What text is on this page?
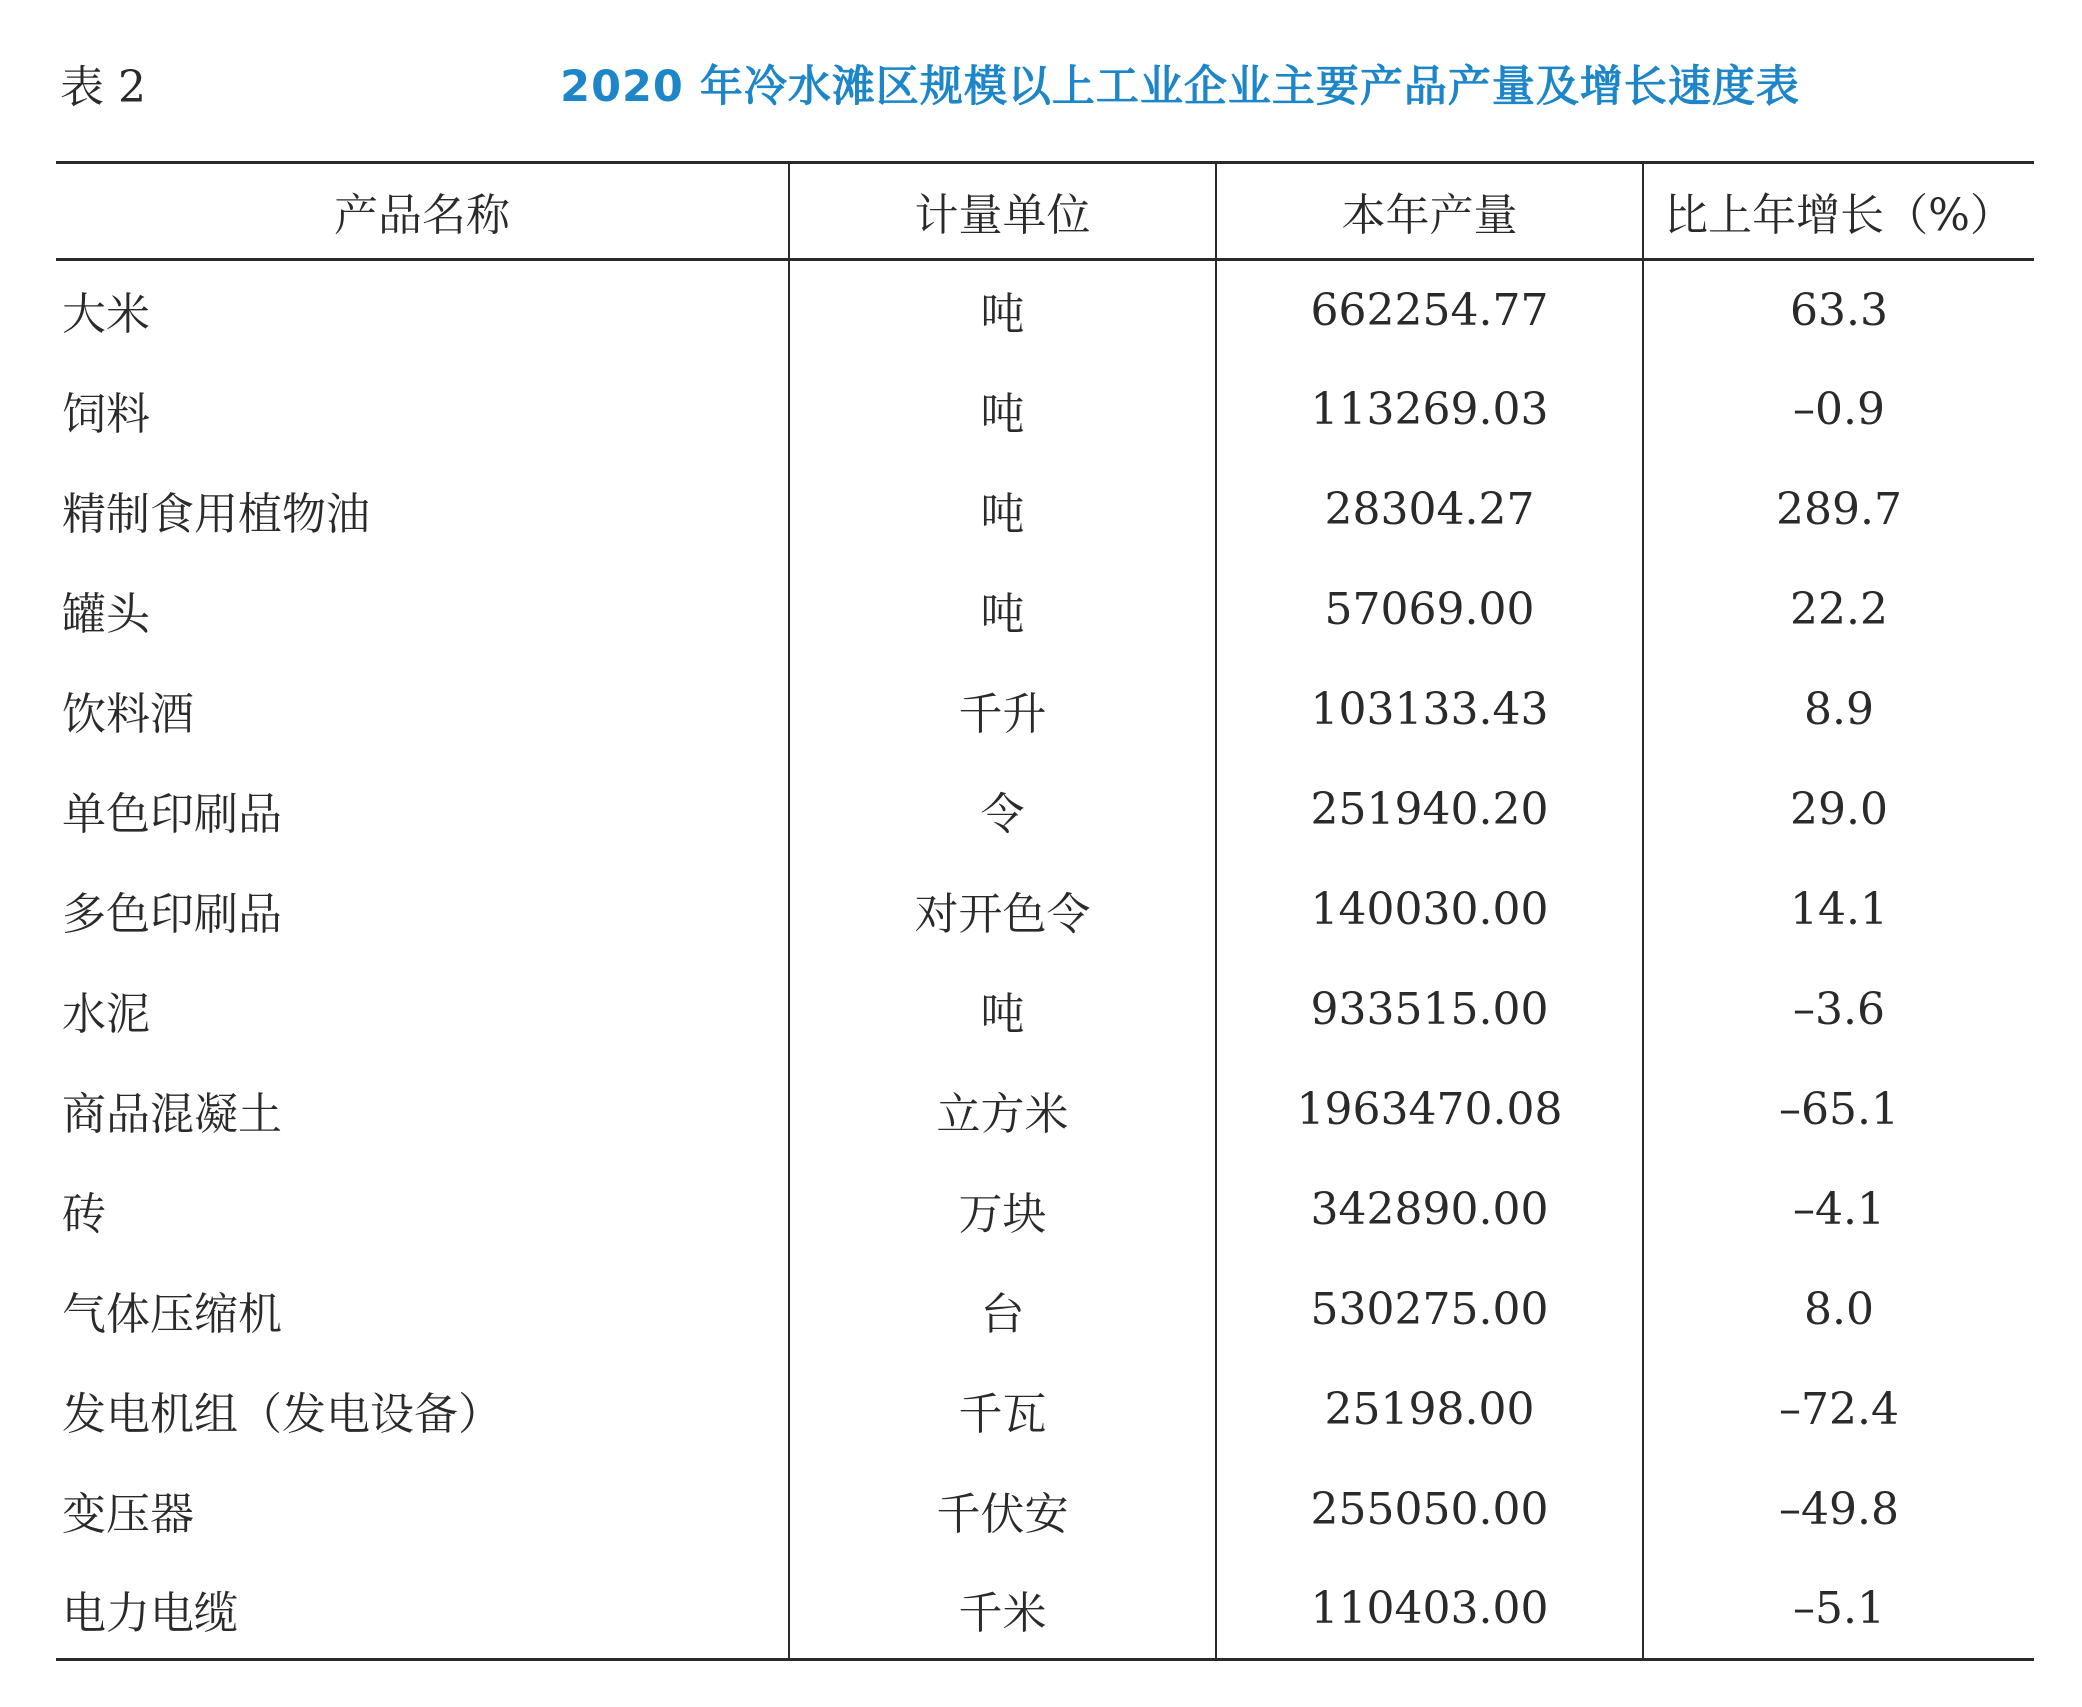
表 2	2020 年冷水滩区规模以上工业企业主要产品产量及增长速度表
产品名称	计量单位	本年产量	比上年增长（%）
大米	吨	662254.77	63.3
饲料	吨	113269.03	–0.9
精制食用植物油	吨	28304.27	289.7
罐头	吨	57069.00	22.2
饮料酒	千升	103133.43	8.9
单色印刷品	令	251940.20	29.0
多色印刷品	对开色令	140030.00	14.1
水泥	吨	933515.00	–3.6
商品混凝土	立方米	1963470.08	–65.1
砖	万块	342890.00	–4.1
气体压缩机	台	530275.00	8.0
发电机组（发电设备）	千瓦	25198.00	–72.4
变压器	千伏安	255050.00	–49.8
电力电缆	千米	110403.00	–5.1
